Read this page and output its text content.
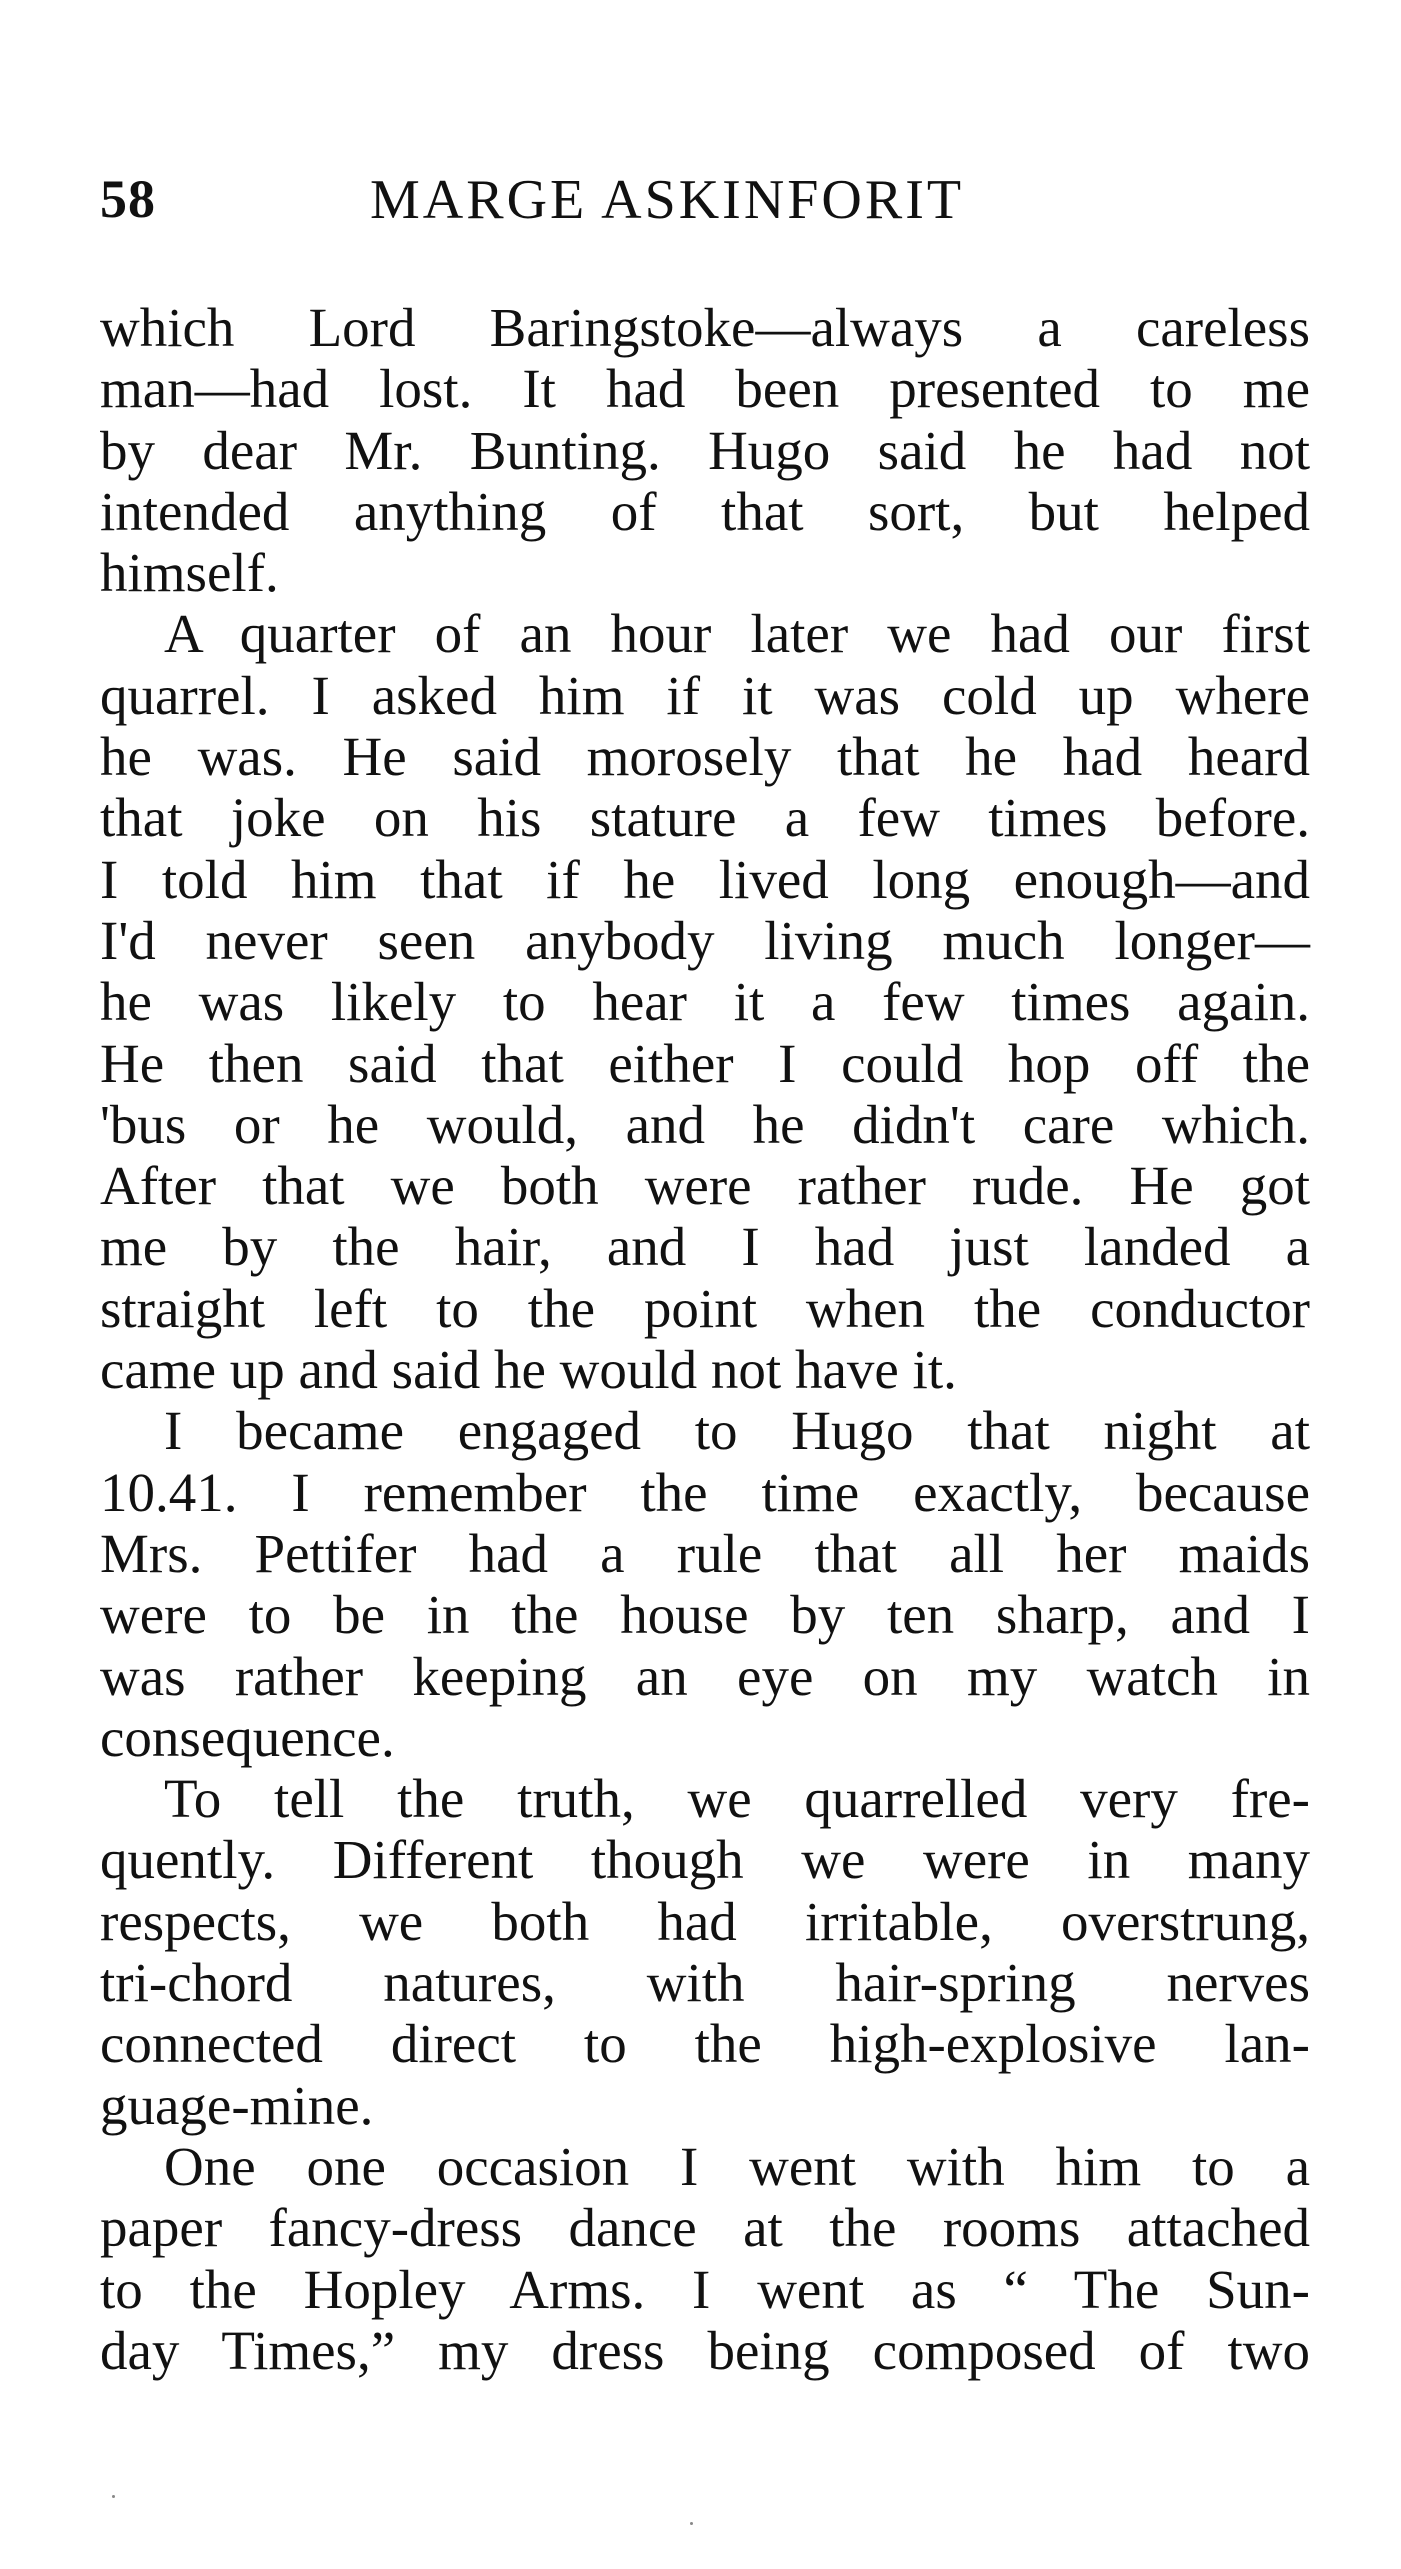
58	MARGE ASKINFORIT
which Lord Baringstoke—always a careless
man—had lost. It had been presented to me
by dear Mr. Bunting. Hugo said he had not
intended anything of that sort, but helped
himself.
A quarter of an hour later we had our first
quarrel. I asked him if it was cold up where
he was. He said morosely that he had heard
that joke on his stature a few times before.
I told him that if he lived long enough—and
I'd never seen anybody living much longer—
he was likely to hear it a few times again.
He then said that either I could hop off the
'bus or he would, and he didn't care which.
After that we both were rather rude. He got
me by the hair, and I had just landed a
straight left to the point when the conductor
came up and said he would not have it.
I became engaged to Hugo that night at
10.41. I remember the time exactly, because
Mrs. Pettifer had a rule that all her maids
were to be in the house by ten sharp, and I
was rather keeping an eye on my watch in
consequence.
To tell the truth, we quarrelled very fre-
quently. Different though we were in many
respects, we both had irritable, overstrung,
tri-chord natures, with hair-spring nerves
connected direct to the high-explosive lan-
guage-mine.
One one occasion I went with him to a
paper fancy-dress dance at the rooms attached
to the Hopley Arms. I went as “ The Sun-
day Times,” my dress being composed of two
